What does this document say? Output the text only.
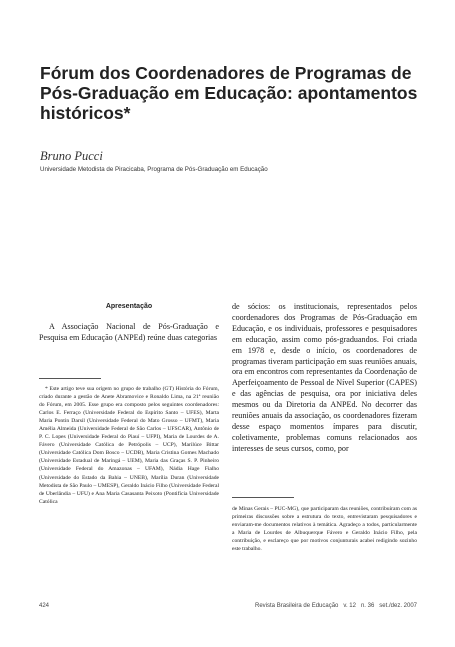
Fórum dos Coordenadores de Programas de Pós-Graduação em Educação: apontamentos históricos*
Bruno Pucci
Universidade Metodista de Piracicaba, Programa de Pós-Graduação em Educação
Apresentação

A Associação Nacional de Pós-Graduação e Pesquisa em Educação (ANPEd) reúne duas categorias

* Este artigo teve sua origem no grupo de trabalho (GT) História do Fórum, criado durante a gestão de Anete Abramovice e Ronaldo Lima, na 21ª reunião do Fórum, em 2005. Esse grupo era composto pelos seguintes coordenadores: Carlos E. Ferraço (Universidade Federal do Espírito Santo – UFES), Marta Maria Pontin Darsil (Universidade Federal do Mato Grosso – UFMT), Maria Amélia Almeida (Universidade Federal de São Carlos – UFSCAR), Antônio de P. C. Lopes (Universidade Federal do Piauí – UFPI), Maria de Lourdes de A. Fávero (Universidade Católica de Petrópolis – UCP), Marilúce Bittar (Universidade Católica Dom Bosco – UCDB), Maria Cristina Gomes Machado (Universidade Estadual de Maringá – UEM), Maria das Graças S. P. Pinheiro (Universidade Federal do Amazonas – UFAM), Nádia Hage Fialho (Universidade do Estado da Bahia – UNEB), Marília Duran (Universidade Metodista de São Paulo – UMESP), Geraldo Inácio Filho (Universidade Federal de Uberlândia – UFU) e Ana Maria Casasanta Peixoto (Pontifícia Universidade Católica

de sócios: os institucionais, representados pelos coordenadores dos Programas de Pós-Graduação em Educação, e os individuais, professores e pesquisadores em educação, assim como pós-graduandos. Foi criada em 1978 e, desde o início, os coordenadores de programas tiveram participação em suas reuniões anuais, ora em encontros com representantes da Coordenação de Aperfeiçoamento de Pessoal de Nível Superior (CAPES) e das agências de pesquisa, ora por iniciativa deles mesmos ou da Diretoria da ANPEd. No decorrer das reuniões anuais da associação, os coordenadores fizeram desse espaço momentos ímpares para discutir, coletivamente, problemas comuns relacionados aos interesses de seus cursos, como, por

de Minas Gerais – PUC-MG), que participaram das reuniões, contribuíram com as primeiras discussões sobre a estrutura do texto, entrevistaram pesquisadores e enviaram-me documentos relativos à temática. Agradeço a todos, particularmente a Maria de Lourdes de Albuquerque Fávero e Geraldo Inácio Filho, pela contribuição, e esclareço que por motivos conjunturais acabei redigindo sozinho este trabalho.

424	Revista Brasileira de Educação   v. 12   n. 36   set./dez. 2007
